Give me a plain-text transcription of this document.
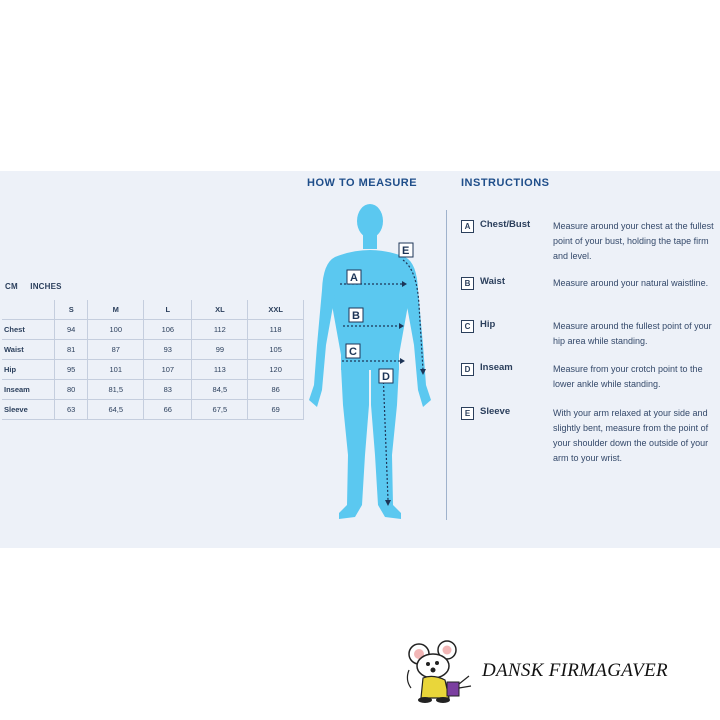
CM INCHES
	S	M	L	XL	XXL
Chest	94	100	106	112	118
Waist	81	87	93	99	105
Hip	95	101	107	113	120
Inseam	80	81,5	83	84,5	86
Sleeve	63	64,5	66	67,5	69
HOW TO MEASURE	INSTRUCTIONS
A
B
C
D
E
A	Chest/Bust	Measure around your chest at the fullest point of your bust, holding the tape firm and level.
B	Waist	Measure around your natural waistline.
C	Hip	Measure around the fullest point of your hip area while standing.
D	Inseam	Measure from your crotch point to the lower ankle while standing.
E	Sleeve	With your arm relaxed at your side and slightly bent, measure from the point of your shoulder down the outside of your arm to your wrist.
DANSK FIRMAGAVER
